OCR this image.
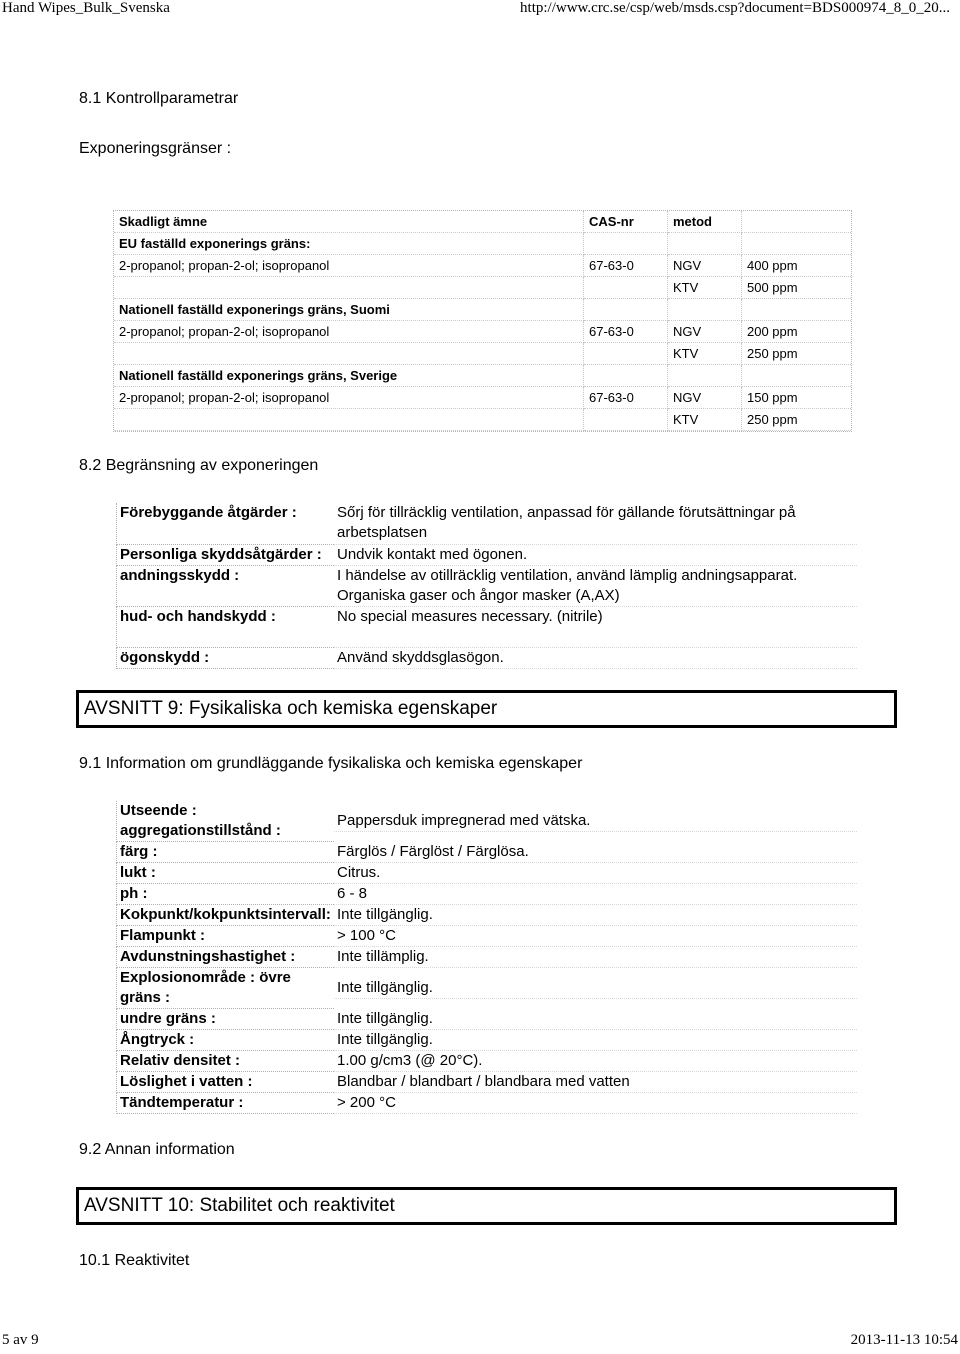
Hand Wipes_Bulk_Svenska	http://www.crc.se/csp/web/msds.csp?document=BDS000974_8_0_20...
8.1 Kontrollparametrar
Exponeringsgränser :
Skadligt ämne	CAS-nr	metod
EU faställd exponerings gräns:
2-propanol; propan-2-ol; isopropanol	67-63-0	NGV	400 ppm
KTV	500 ppm
Nationell faställd exponerings gräns, Suomi
2-propanol; propan-2-ol; isopropanol	67-63-0	NGV	200 ppm
KTV	250 ppm
Nationell faställd exponerings gräns, Sverige
2-propanol; propan-2-ol; isopropanol	67-63-0	NGV	150 ppm
KTV	250 ppm
8.2 Begränsning av exponeringen
Förebyggande åtgärder :	Sőrj för tillräcklig ventilation, anpassad för gällande förutsättningar på arbetsplatsen
Personliga skyddsåtgärder :	Undvik kontakt med ögonen.
andningsskydd :	I händelse av otillräcklig ventilation, använd lämplig andningsapparat. Organiska gaser och ångor masker (A,AX)
hud- och handskydd :	No special measures necessary. (nitrile)
ögonskydd :	Använd skyddsglasögon.
AVSNITT 9: Fysikaliska och kemiska egenskaper
9.1 Information om grundläggande fysikaliska och kemiska egenskaper
Utseende : aggregationstillstånd :
Pappersduk impregnerad med vätska.
färg :	Färglös / Färglöst / Färglösa.
lukt :	Citrus.
ph :	6 - 8
Kokpunkt/kokpunktsintervall: Inte tillgänglig.
Flampunkt :	> 100 °C
Avdunstningshastighet :	Inte tillämplig.
Explosionområde : övre gräns :
Inte tillgänglig.
undre gräns :	Inte tillgänglig.
Ångtryck :	Inte tillgänglig.
Relativ densitet :	1.00 g/cm3 (@ 20°C).
Löslighet i vatten :	Blandbar / blandbart / blandbara med vatten
Tändtemperatur :	> 200 °C
9.2 Annan information
AVSNITT 10: Stabilitet och reaktivitet
10.1 Reaktivitet
5 av 9	2013-11-13 10:54
